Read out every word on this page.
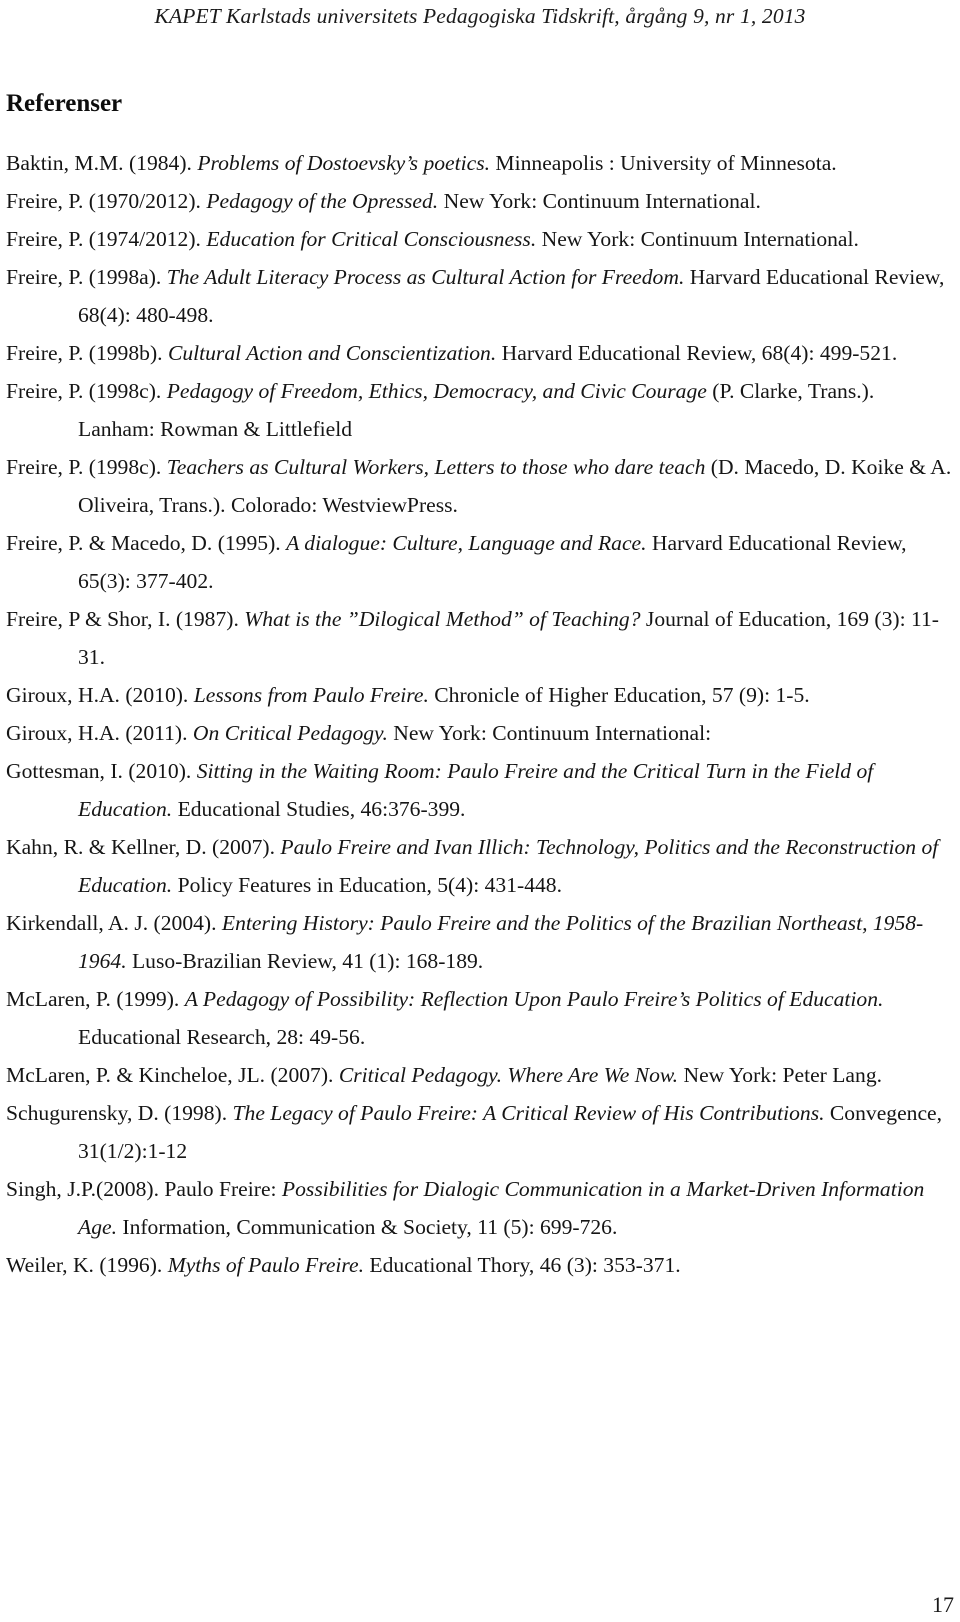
KAPET Karlstads universitets Pedagogiska Tidskrift, årgång 9, nr 1, 2013
Referenser
Baktin, M.M. (1984). Problems of Dostoevsky’s poetics. Minneapolis : University of Minnesota.
Freire, P. (1970/2012). Pedagogy of the Opressed. New York: Continuum International.
Freire, P. (1974/2012). Education for Critical Consciousness. New York: Continuum International.
Freire, P. (1998a). The Adult Literacy Process as Cultural Action for Freedom. Harvard Educational Review, 68(4): 480-498.
Freire, P. (1998b). Cultural Action and Conscientization. Harvard Educational Review, 68(4): 499-521.
Freire, P. (1998c). Pedagogy of Freedom, Ethics, Democracy, and Civic Courage (P. Clarke, Trans.). Lanham: Rowman & Littlefield
Freire, P. (1998c). Teachers as Cultural Workers, Letters to those who dare teach (D. Macedo, D. Koike & A. Oliveira, Trans.). Colorado: WestviewPress.
Freire, P. & Macedo, D. (1995). A dialogue: Culture, Language and Race. Harvard Educational Review, 65(3): 377-402.
Freire, P & Shor, I. (1987). What is the ”Dilogical Method” of Teaching? Journal of Education, 169 (3): 11-31.
Giroux, H.A. (2010). Lessons from Paulo Freire. Chronicle of Higher Education, 57 (9): 1-5.
Giroux, H.A. (2011). On Critical Pedagogy. New York: Continuum International:
Gottesman, I. (2010). Sitting in the Waiting Room: Paulo Freire and the Critical Turn in the Field of Education. Educational Studies, 46:376-399.
Kahn, R. & Kellner, D. (2007). Paulo Freire and Ivan Illich: Technology, Politics and the Reconstruction of Education. Policy Features in Education, 5(4): 431-448.
Kirkendall, A. J. (2004). Entering History: Paulo Freire and the Politics of the Brazilian Northeast, 1958-1964. Luso-Brazilian Review, 41 (1): 168-189.
McLaren, P. (1999). A Pedagogy of Possibility: Reflection Upon Paulo Freire’s Politics of Education. Educational Research, 28: 49-56.
McLaren, P. & Kincheloe, JL. (2007). Critical Pedagogy. Where Are We Now. New York: Peter Lang.
Schugurensky, D. (1998). The Legacy of Paulo Freire: A Critical Review of His Contributions. Convegence, 31(1/2):1-12
Singh, J.P.(2008). Paulo Freire: Possibilities for Dialogic Communication in a Market-Driven Information Age. Information, Communication & Society, 11 (5): 699-726.
Weiler, K. (1996). Myths of Paulo Freire. Educational Thory, 46 (3): 353-371.
17
